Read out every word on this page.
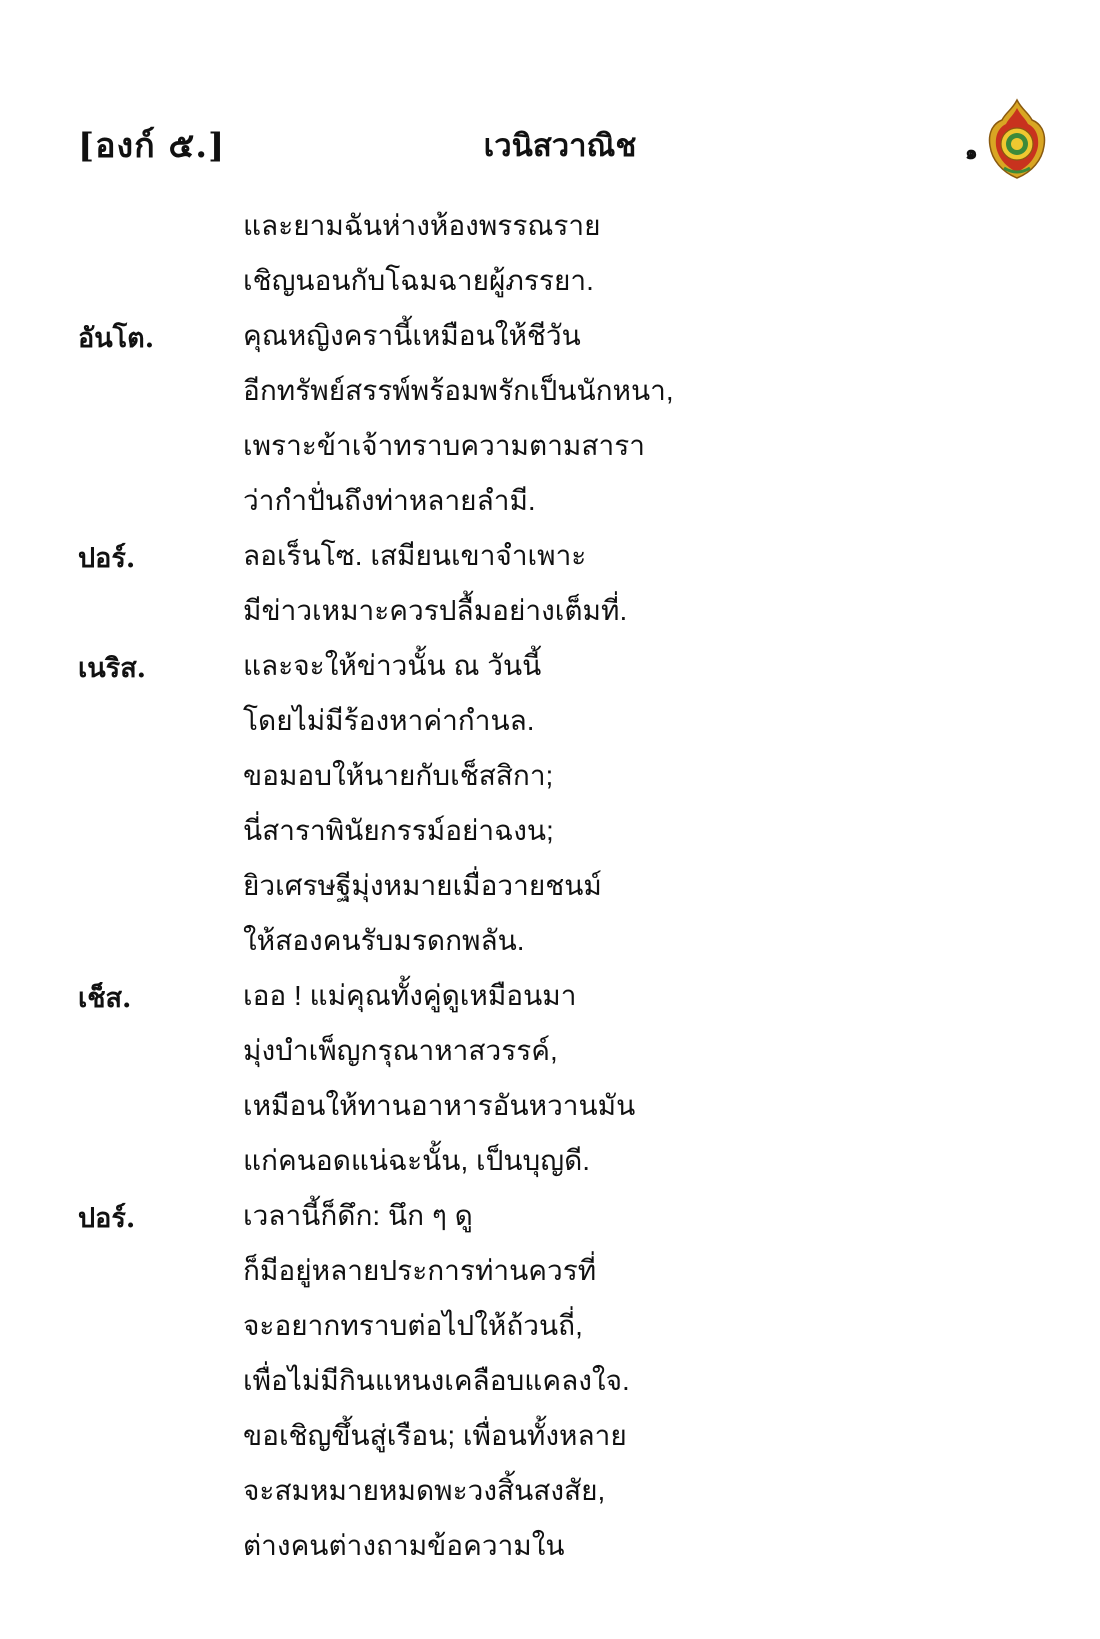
[องก์ ๕.]	เวนิสวาณิช	๑
และยามฉันห่างห้องพรรณราย
เชิญนอนกับโฉมฉายผู้ภรรยา.
อันโต.	คุณหญิงครานี้เหมือนให้ชีวัน
อีกทรัพย์สรรพ์พร้อมพรักเป็นนักหนา,
เพราะข้าเจ้าทราบความตามสารา
ว่ากำปั่นถึงท่าหลายลำมี.
ปอร์.	ลอเร็นโซ. เสมียนเขาจำเพาะ
มีข่าวเหมาะควรปลื้มอย่างเต็มที่.
เนริส.	และจะให้ข่าวนั้น ณ วันนี้
โดยไม่มีร้องหาค่ากำนล.
ขอมอบให้นายกับเช็สสิกา;
นี่สาราพินัยกรรม์อย่าฉงน;
ยิวเศรษฐีมุ่งหมายเมื่อวายชนม์
ให้สองคนรับมรดกพลัน.
เช็ส.	เออ ! แม่คุณทั้งคู่ดูเหมือนมา
มุ่งบำเพ็ญกรุณาหาสวรรค์,
เหมือนให้ทานอาหารอันหวานมัน
แก่คนอดแน่ฉะนั้น, เป็นบุญดี.
ปอร์.	เวลานี้ก็ดึก: นึก ๆ ดู
ก็มีอยู่หลายประการท่านควรที่
จะอยากทราบต่อไปให้ถ้วนถี่,
เพื่อไม่มีกินแหนงเคลือบแคลงใจ.
ขอเชิญขึ้นสู่เรือน; เพื่อนทั้งหลาย
จะสมหมายหมดพะวงสิ้นสงสัย,
ต่างคนต่างถามข้อความใน
